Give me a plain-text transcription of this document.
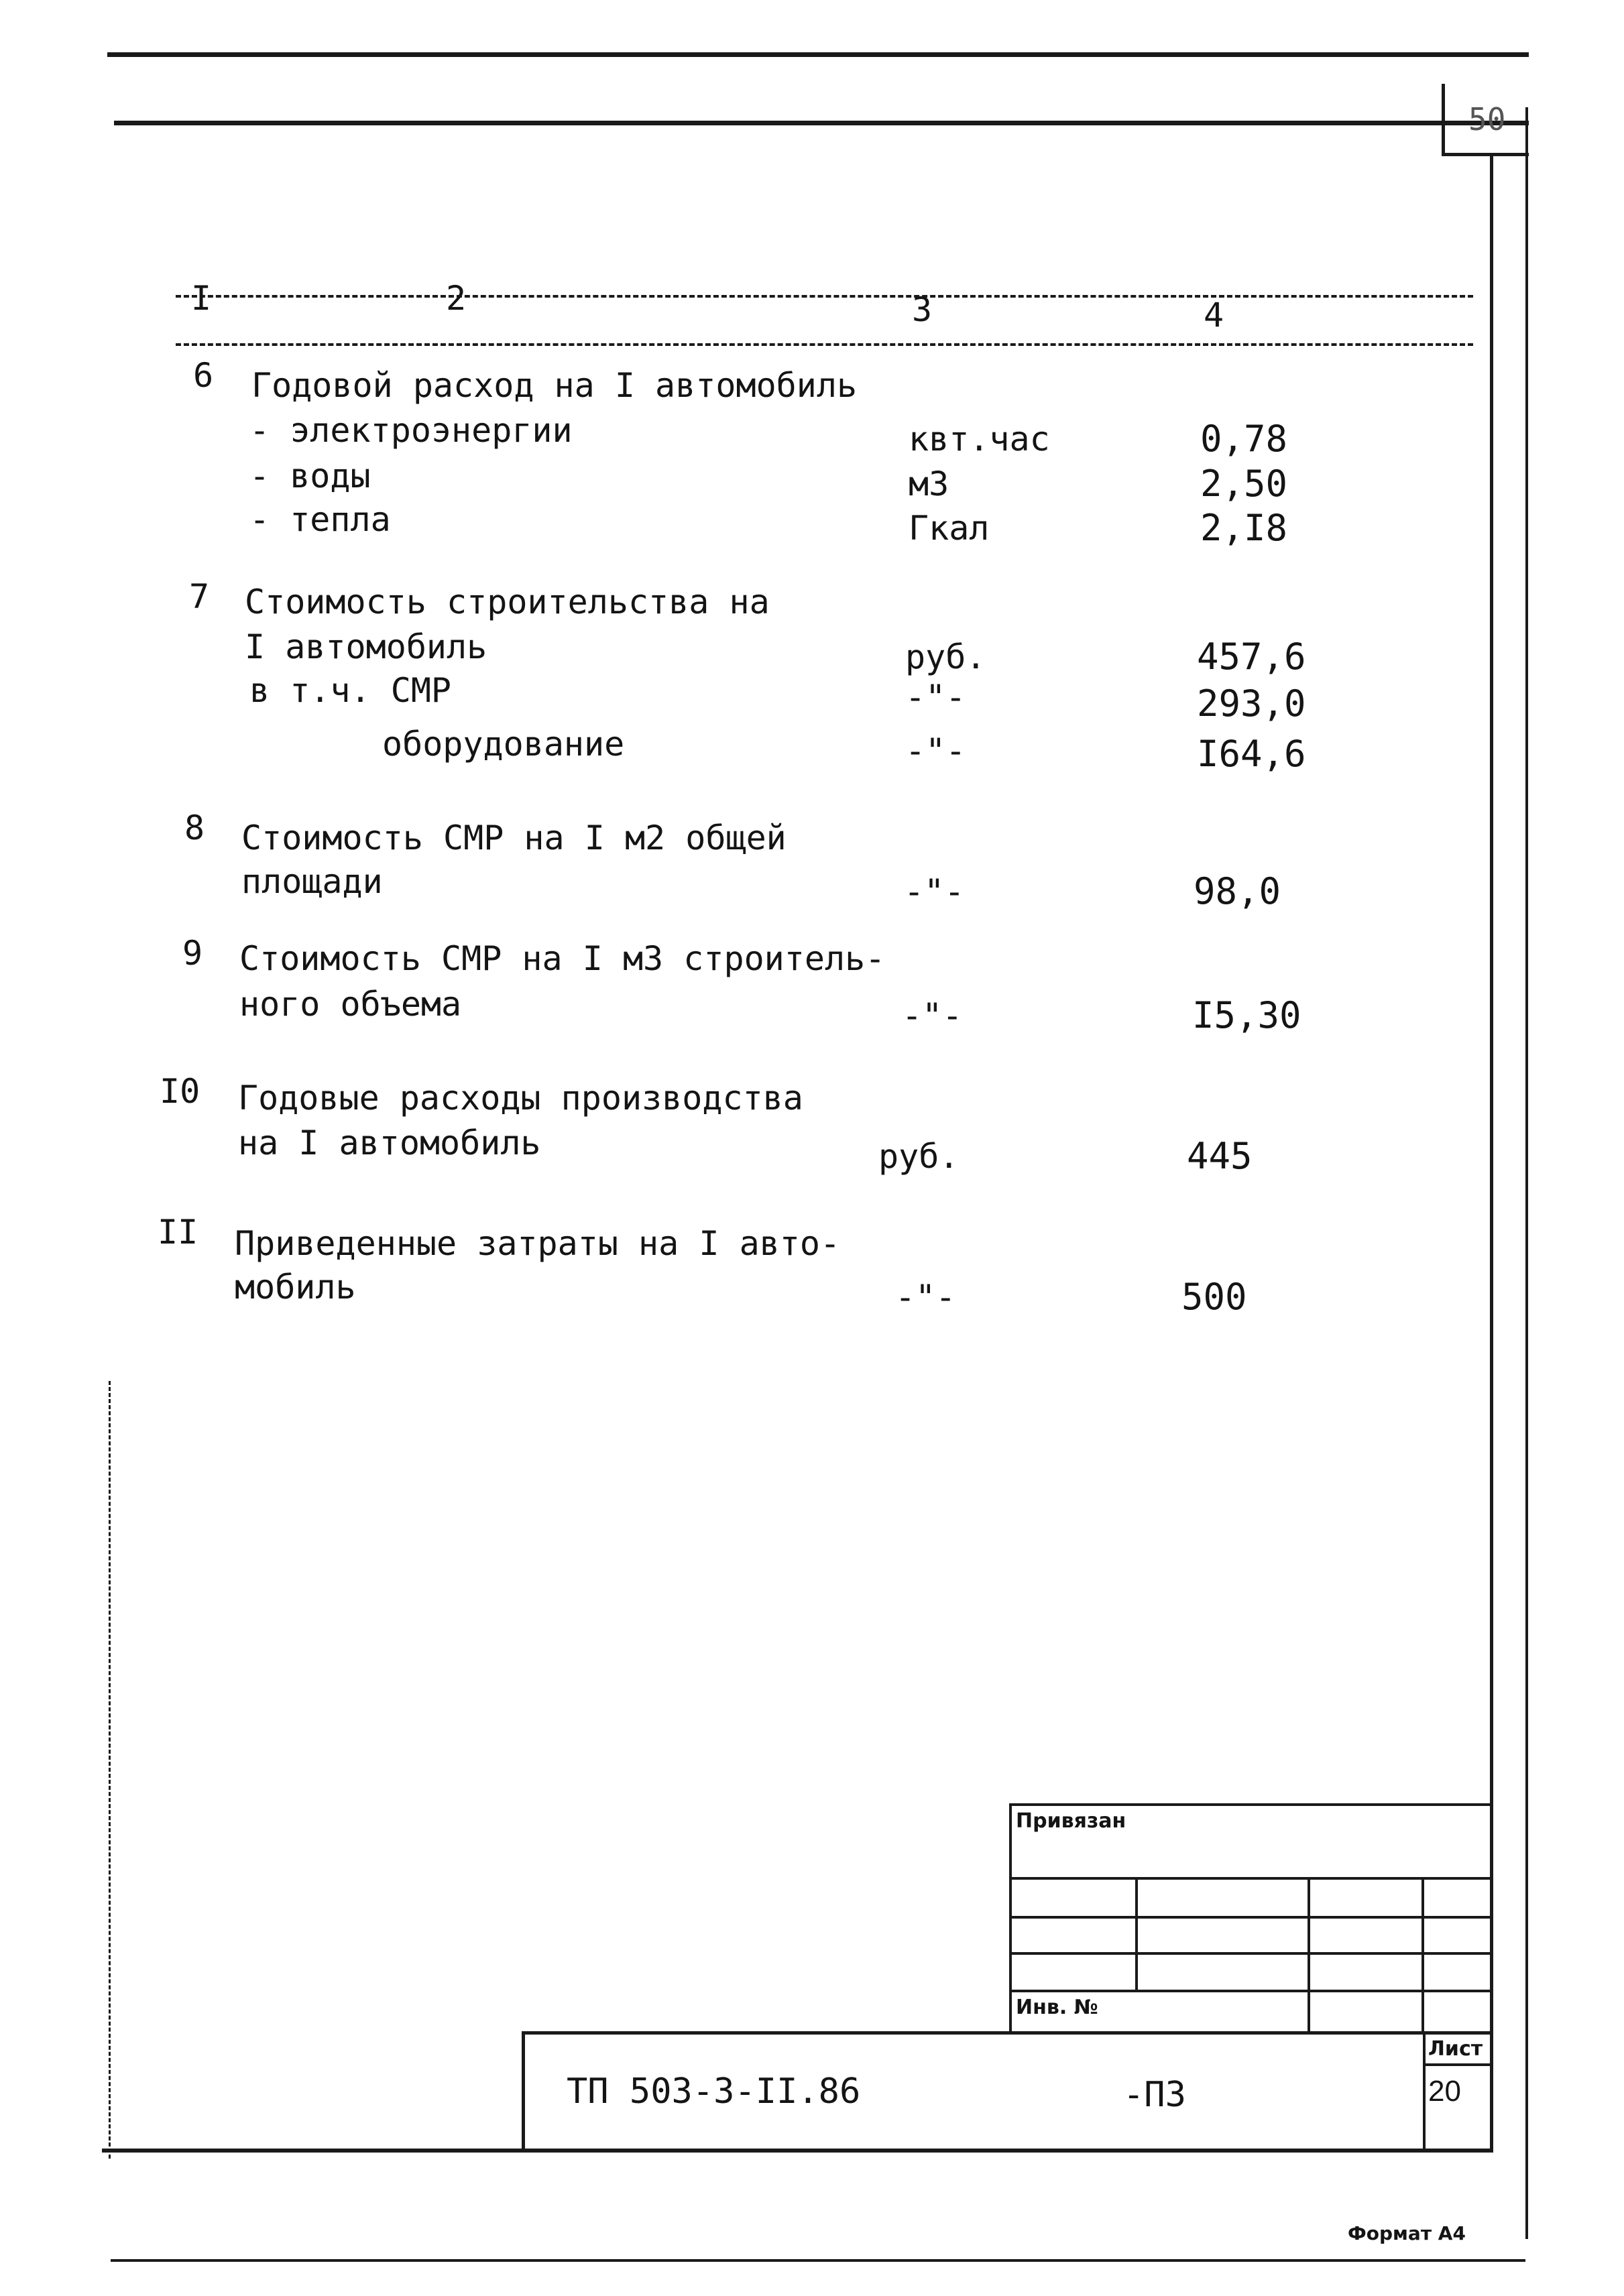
50
I	2	3	4
6 Годовой расход на I автомобиль
- электроэнергии	квт.час	0,78
- воды	м3	2,50
- тепла	Гкал	2,I8
7 Стоимость строительства на
I автомобиль	руб.	457,6
в т.ч. СМР	-"-	293,0
оборудование	-"-	I64,6
8 Стоимость СМР на I м2 общей
площади	-"-	98,0
9 Стоимость СМР на I м3 строитель-
ного объема	-"-	I5,30
I0 Годовые расходы производства
на I автомобиль	руб.	445
II Приведенные затраты на I авто-
мобиль	-"-	500
Привязан
Инв. №
Лист
20
ТП 503-3-II.86	-ПЗ
Формат А4
